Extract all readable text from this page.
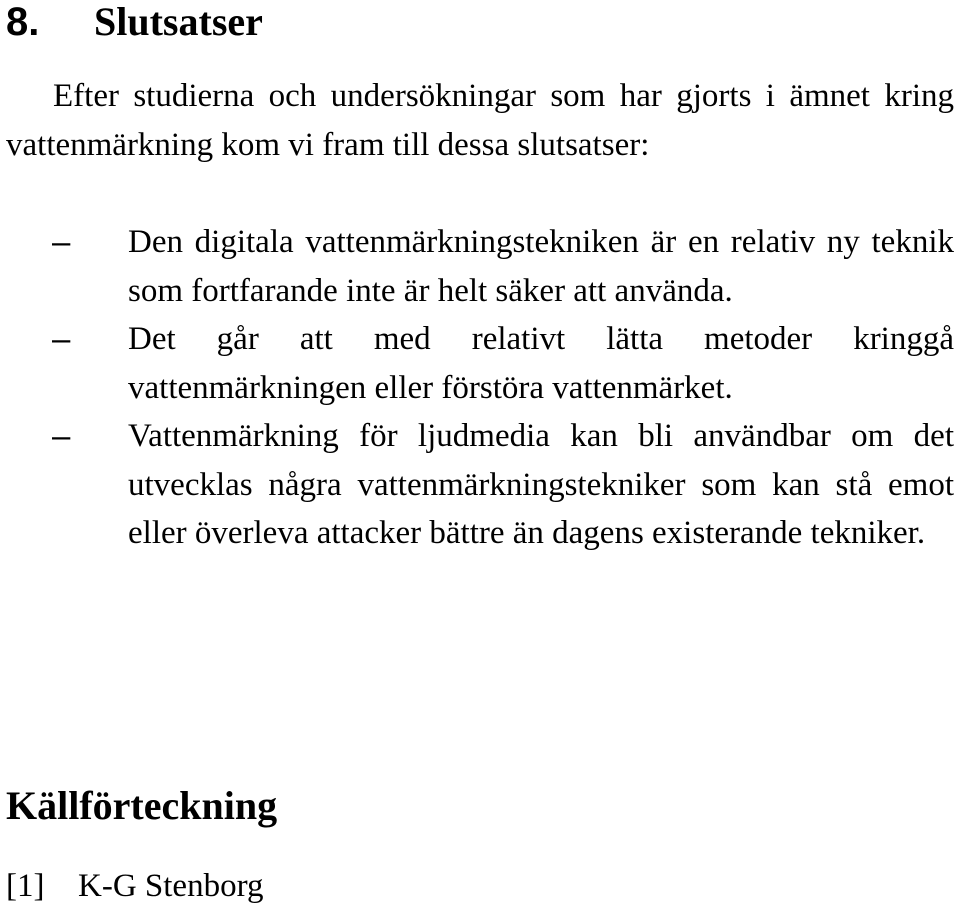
8. Slutsatser

Efter studierna och undersökningar som har gjorts i ämnet kring vattenmärkning kom vi fram till dessa slutsatser:

–	Den digitala vattenmärkningstekniken är en relativ ny teknik som fortfarande inte är helt säker att använda.
–	Det går att med relativt lätta metoder kringgå vattenmärkningen eller förstöra vattenmärket.
–	Vattenmärkning för ljudmedia kan bli användbar om det utvecklas några vattenmärkningstekniker som kan stå emot eller överleva attacker bättre än dagens existerande tekniker.
Källförteckning

[1] K-G Stenborg
